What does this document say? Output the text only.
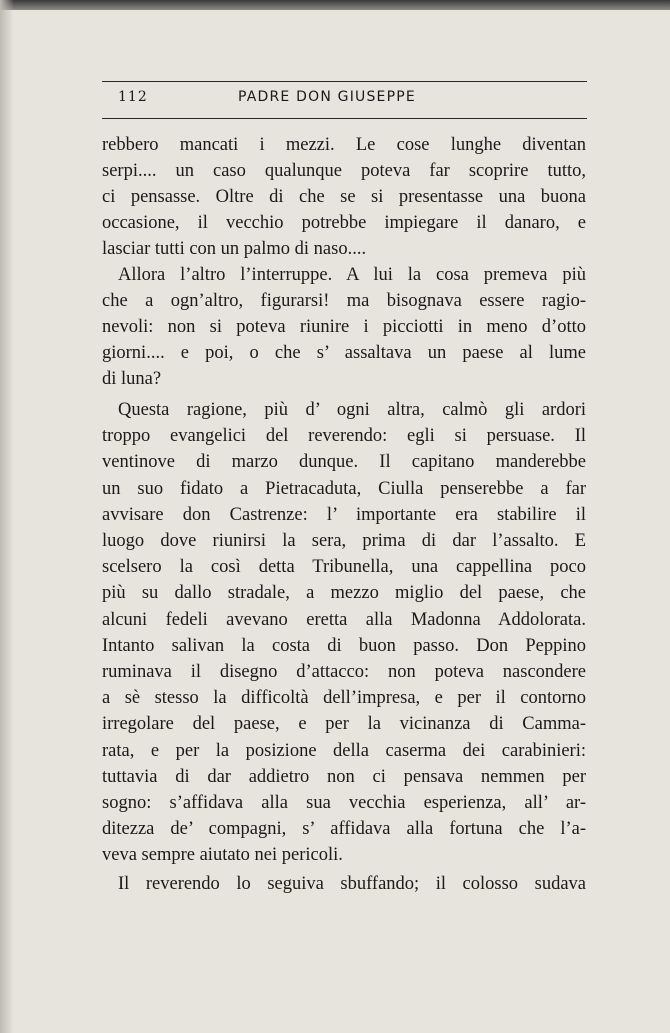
112	PADRE DON GIUSEPPE
rebbero mancati i mezzi. Le cose lunghe diventan
serpi.... un caso qualunque poteva far scoprire tutto,
ci pensasse. Oltre di che se si presentasse una buona
occasione, il vecchio potrebbe impiegare il danaro, e
lasciar tutti con un palmo di naso....
Allora l’altro l’interruppe. A lui la cosa premeva più
che a ogn’altro, figurarsi! ma bisognava essere ragio-
nevoli: non si poteva riunire i picciotti in meno d’otto
giorni.... e poi, o che s’ assaltava un paese al lume
di luna?
Questa ragione, più d’ ogni altra, calmò gli ardori
troppo evangelici del reverendo: egli si persuase. Il
ventinove di marzo dunque. Il capitano manderebbe
un suo fidato a Pietracaduta, Ciulla penserebbe a far
avvisare don Castrenze: l’ importante era stabilire il
luogo dove riunirsi la sera, prima di dar l’assalto. E
scelsero la così detta Tribunella, una cappellina poco
più su dallo stradale, a mezzo miglio del paese, che
alcuni fedeli avevano eretta alla Madonna Addolorata.
Intanto salivan la costa di buon passo. Don Peppino
ruminava il disegno d’attacco: non poteva nascondere
a sè stesso la difficoltà dell’impresa, e per il contorno
irregolare del paese, e per la vicinanza di Camma-
rata, e per la posizione della caserma dei carabinieri:
tuttavia di dar addietro non ci pensava nemmen per
sogno: s’affidava alla sua vecchia esperienza, all’ ar-
ditezza de’ compagni, s’ affidava alla fortuna che l’a-
veva sempre aiutato nei pericoli.
Il reverendo lo seguiva sbuffando; il colosso sudava
